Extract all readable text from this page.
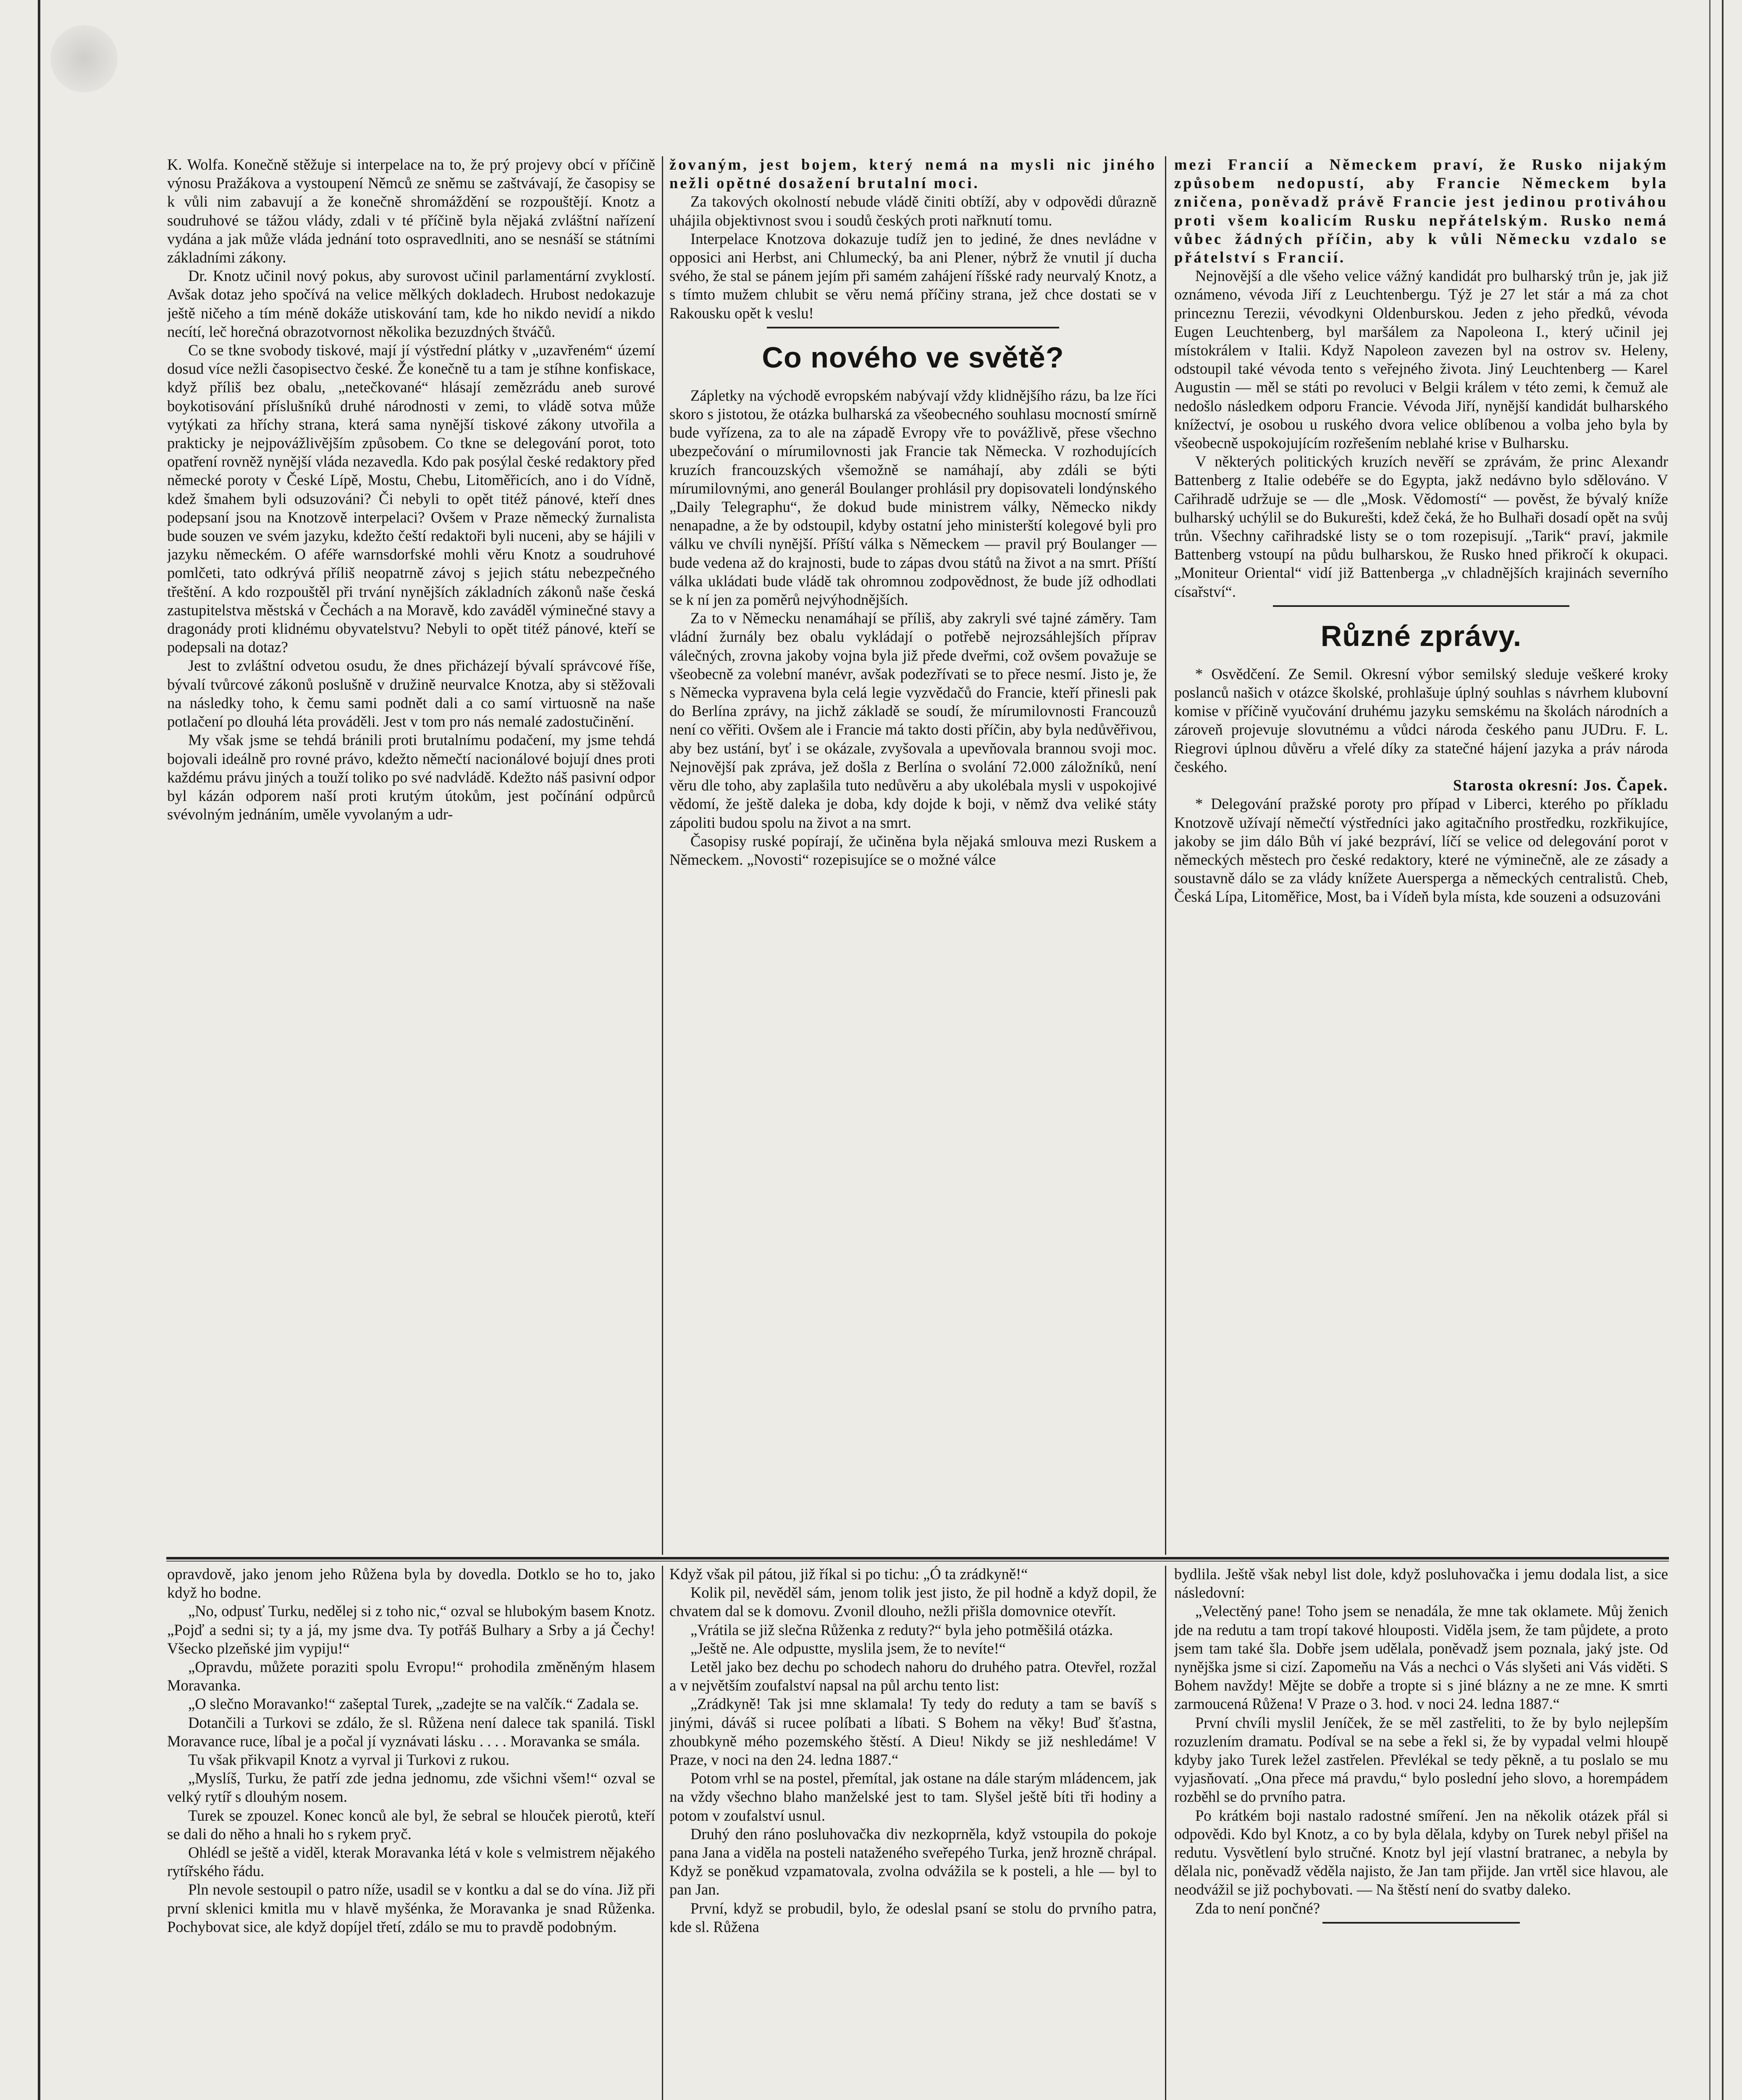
K. Wolfa. Konečně stěžuje si interpelace na to, že prý projevy obcí v příčině výnosu Pražákova a vystoupení Němců ze sněmu se zaštvávají, že časopisy se k vůli nim zabavují a že konečně shromáždění se rozpouštějí. Knotz a soudruhové se tážou vlády, zdali v té příčině byla nějaká zvláštní nařízení vydána a jak může vláda jednání toto ospravedlniti, ano se nesnáší se státními základními zákony.

Dr. Knotz učinil nový pokus, aby surovost učinil parlamentární zvyklostí. Avšak dotaz jeho spočívá na velice mělkých dokladech. Hrubost nedokazuje ještě ničeho a tím méně dokáže utiskování tam, kde ho nikdo nevidí a nikdo necítí, leč horečná obrazotvornost několika bezuzdných štváčů.

Co se tkne svobody tiskové, mají jí výstřední plátky v „uzavřeném“ území dosud více nežli časopisectvo české. Že konečně tu a tam je stíhne konfiskace, když příliš bez obalu, „netečkované“ hlásají zemězrádu aneb surové boykotisování příslušníků druhé národnosti v zemi, to vládě sotva může vytýkati za hříchy strana, která sama nynější tiskové zákony utvořila a prakticky je nejpovážlivějším způsobem. Co tkne se delegování porot, toto opatření rovněž nynější vláda nezavedla. Kdo pak posýlal české redaktory před německé poroty v České Lípě, Mostu, Chebu, Litoměřicích, ano i do Vídně, kdež šmahem byli odsuzováni? Či nebyli to opět titéž pánové, kteří dnes podepsaní jsou na Knotzově interpelaci? Ovšem v Praze německý žurnalista bude souzen ve svém jazyku, kdežto čeští redaktoři byli nuceni, aby se hájili v jazyku německém. O aféře warnsdorfské mohli věru Knotz a soudruhové pomlčeti, tato odkrývá příliš neopatrně závoj s jejich státu nebezpečného třeštění. A kdo rozpouštěl při trvání nynějších základních zákonů naše česká zastupitelstva městská v Čechách a na Moravě, kdo zaváděl výminečné stavy a dragonády proti klidnému obyvatelstvu? Nebyli to opět titéž pánové, kteří se podepsali na dotaz?

Jest to zvláštní odvetou osudu, že dnes přicházejí bývalí správcové říše, bývalí tvůrcové zákonů poslušně v družině neurvalce Knotza, aby si stěžovali na následky toho, k čemu sami podnět dali a co samí virtuosně na naše potlačení po dlouhá léta prováděli. Jest v tom pro nás nemalé zadostučinění.

My však jsme se tehdá bránili proti brutalnímu podačení, my jsme tehdá bojovali ideálně pro rovné právo, kdežto němečtí nacionálové bojují dnes proti každému právu jiných a touží toliko po své nadvládě. Kdežto náš pasivní odpor byl kázán odporem naší proti krutým útokům, jest počínání odpůrců svévolným jednáním, uměle vyvolaným a udr-

žovaným, jest bojem, který nemá na mysli nic jiného nežli opětné dosažení brutalní moci.

Za takových okolností nebude vládě činiti obtíží, aby v odpovědi důrazně uhájila objektivnost svou i soudů českých proti nařknutí tomu.

Interpelace Knotzova dokazuje tudíž jen to jediné, že dnes nevládne v opposici ani Herbst, ani Chlumecký, ba ani Plener, nýbrž že vnutil jí ducha svého, že stal se pánem jejím při samém zahájení říšské rady neurvalý Knotz, a s tímto mužem chlubit se věru nemá příčiny strana, jež chce dostati se v Rakousku opět k veslu!

Co nového ve světě?

Zápletky na východě evropském nabývají vždy klidnějšího rázu, ba lze říci skoro s jistotou, že otázka bulharská za všeobecného souhlasu mocností smírně bude vyřízena, za to ale na západě Evropy vře to povážlivě, přese všechno ubezpečování o mírumilovnosti jak Francie tak Německa. V rozhodujících kruzích francouzských všemožně se namáhají, aby zdáli se býti mírumilovnými, ano generál Boulanger prohlásil pry dopisovateli londýnského „Daily Telegraphu“, že dokud bude ministrem války, Německo nikdy nenapadne, a že by odstoupil, kdyby ostatní jeho ministerští kolegové byli pro válku ve chvíli nynější. Příští válka s Německem — pravil prý Boulanger — bude vedena až do krajnosti, bude to zápas dvou států na život a na smrt. Příští válka ukládati bude vládě tak ohromnou zodpovědnost, že bude jíž odhodlati se k ní jen za poměrů nejvýhodnějších.

Za to v Německu nenamáhají se příliš, aby zakryli své tajné záměry. Tam vládní žurnály bez obalu vykládají o potřebě nejrozsáhlejších příprav válečných, zrovna jakoby vojna byla již přede dveřmi, což ovšem považuje se všeobecně za volební manévr, avšak podezřívati se to přece nesmí. Jisto je, že s Německa vypravena byla celá legie vyzvědačů do Francie, kteří přinesli pak do Berlína zprávy, na jichž základě se soudí, že mírumilovnosti Francouzů není co věřiti. Ovšem ale i Francie má takto dosti příčin, aby byla nedůvěřivou, aby bez ustání, byť i se okázale, zvyšovala a upevňovala brannou svoji moc. Nejnovější pak zpráva, jež došla z Berlína o svolání 72.000 záložníků, není věru dle toho, aby zaplašila tuto nedůvěru a aby ukolébala mysli v uspokojivé vědomí, že ještě daleka je doba, kdy dojde k boji, v němž dva veliké státy zápoliti budou spolu na život a na smrt.

Časopisy ruské popírají, že učiněna byla nějaká smlouva mezi Ruskem a Německem. „Novosti“ rozepisujíce se o možné válce

mezi Francií a Německem praví, že Rusko nijakým způsobem nedopustí, aby Francie Německem byla zničena, poněvadž právě Francie jest jedinou protiváhou proti všem koalicím Rusku nepřátelským. Rusko nemá vůbec žádných příčin, aby k vůli Německu vzdalo se přátelství s Francií.

Nejnovější a dle všeho velice vážný kandidát pro bulharský trůn je, jak již oznámeno, vévoda Jiří z Leuchtenbergu. Týž je 27 let stár a má za chot princeznu Terezii, vévodkyni Oldenburskou. Jeden z jeho předků, vévoda Eugen Leuchtenberg, byl maršálem za Napoleona I., který učinil jej místokrálem v Italii. Když Napoleon zavezen byl na ostrov sv. Heleny, odstoupil také vévoda tento s veřejného života. Jiný Leuchtenberg — Karel Augustin — měl se státi po revoluci v Belgii králem v této zemi, k čemuž ale nedošlo následkem odporu Francie. Vévoda Jiří, nynější kandidát bulharského knížectví, je osobou u ruského dvora velice oblíbenou a volba jeho byla by všeobecně uspokojujícím rozřešením neblahé krise v Bulharsku.

V některých politických kruzích nevěří se zprávám, že princ Alexandr Battenberg z Italie odebéře se do Egypta, jakž nedávno bylo sdělováno. V Cařihradě udržuje se — dle „Mosk. Vědomostí“ — pověst, že bývalý kníže bulharský uchýlil se do Bukurešti, kdež čeká, že ho Bulhaři dosadí opět na svůj trůn. Všechny cařihradské listy se o tom rozepisují. „Tarik“ praví, jakmile Battenberg vstoupí na půdu bulharskou, že Rusko hned přikročí k okupaci. „Moniteur Oriental“ vidí již Battenberga „v chladnějších krajinách severního císařství“.

Různé zprávy.

* Osvědčení. Ze Semil. Okresní výbor semilský sleduje veškeré kroky poslanců našich v otázce školské, prohlašuje úplný souhlas s návrhem klubovní komise v příčině vyučování druhému jazyku semskému na školách národních a zároveň projevuje slovutnému a vůdci národa českého panu JUDru. F. L. Riegrovi úplnou důvěru a vřelé díky za statečné hájení jazyka a práv národa českého.

Starosta okresní: Jos. Čapek.

* Delegování pražské poroty pro případ v Liberci, kterého po příkladu Knotzově užívají němečtí výstředníci jako agitačního prostředku, rozkřikujíce, jakoby se jim dálo Bůh ví jaké bezpráví, líčí se velice od delegování porot v německých městech pro české redaktory, které ne výminečně, ale ze zásady a soustavně dálo se za vlády knížete Auersperga a německých centralistů. Cheb, Česká Lípa, Litoměřice, Most, ba i Vídeň byla místa, kde souzeni a odsuzováni

opravdově, jako jenom jeho Růžena byla by dovedla. Dotklo se ho to, jako když ho bodne.

„No, odpusť Turku, nedělej si z toho nic,“ ozval se hlubokým basem Knotz. „Pojď a sedni si; ty a já, my jsme dva. Ty potřáš Bulhary a Srby a já Čechy! Všecko plzeňské jim vypiju!“

„Opravdu, můžete poraziti spolu Evropu!“ prohodila změněným hlasem Moravanka.

„O slečno Moravanko!“ zašeptal Turek, „zadejte se na valčík.“ Zadala se.

Dotančili a Turkovi se zdálo, že sl. Růžena není dalece tak spanilá. Tiskl Moravance ruce, líbal je a počal jí vyznávati lásku . . . . Moravanka se smála.

Tu však přikvapil Knotz a vyrval ji Turkovi z rukou.

„Myslíš, Turku, že patří zde jedna jednomu, zde všichni všem!“ ozval se velký rytíř s dlouhým nosem.

Turek se zpouzel. Konec konců ale byl, že sebral se hlouček pierotů, kteří se dali do něho a hnali ho s rykem pryč.

Ohlédl se ještě a viděl, kterak Moravanka létá v kole s velmistrem nějakého rytířského řádu.

Pln nevole sestoupil o patro níže, usadil se v kontku a dal se do vína. Již při první sklenici kmitla mu v hlavě myšénka, že Moravanka je snad Růženka. Pochybovat sice, ale když dopíjel třetí, zdálo se mu to pravdě podobným.

Když však pil pátou, již říkal si po tichu: „Ó ta zrádkyně!“

Kolik pil, nevěděl sám, jenom tolik jest jisto, že pil hodně a když dopil, že chvatem dal se k domovu. Zvonil dlouho, nežli přišla domovnice otevřít.

„Vrátila se již slečna Růženka z reduty?“ byla jeho potměšilá otázka.

„Ještě ne. Ale odpustte, myslila jsem, že to nevíte!“

Letěl jako bez dechu po schodech nahoru do druhého patra. Otevřel, rozžal a v největším zoufalství napsal na půl archu tento list:

„Zrádkyně! Tak jsi mne sklamala! Ty tedy do reduty a tam se bavíš s jinými, dáváš si rucee políbati a líbati. S Bohem na věky! Buď šťastna, zhoubkyně mého pozemského štěstí. A Dieu! Nikdy se již neshledáme! V Praze, v noci na den 24. ledna 1887.“

Potom vrhl se na postel, přemítal, jak ostane na dále starým mládencem, jak na vždy všechno blaho manželské jest to tam. Slyšel ještě bíti tři hodiny a potom v zoufalství usnul.

Druhý den ráno posluhovačka div nezkoprněla, když vstoupila do pokoje pana Jana a viděla na posteli nataženého sveřepého Turka, jenž hrozně chrápal. Když se poněkud vzpamatovala, zvolna odvážila se k posteli, a hle — byl to pan Jan.

První, když se probudil, bylo, že odeslal psaní se stolu do prvního patra, kde sl. Růžena

bydlila. Ještě však nebyl list dole, když posluhovačka i jemu dodala list, a sice následovní:

„Velectěný pane! Toho jsem se nenadála, že mne tak oklamete. Můj ženich jde na redutu a tam tropí takové hlouposti. Viděla jsem, že tam půjdete, a proto jsem tam také šla. Dobře jsem udělala, poněvadž jsem poznala, jaký jste. Od nynějška jsme si cizí. Zapomeňu na Vás a nechci o Vás slyšeti ani Vás viděti. S Bohem navždy! Mějte se dobře a tropte si s jiné blázny a ne ze mne. K smrti zarmoucená Růžena! V Praze o 3. hod. v noci 24. ledna 1887.“

První chvíli myslil Jeníček, že se měl zastřeliti, to že by bylo nejlepším rozuzlením dramatu. Podíval se na sebe a řekl si, že by vypadal velmi hloupě kdyby jako Turek ležel zastřelen. Převlékal se tedy pěkně, a tu poslalo se mu vyjasňovatí. „Ona přece má pravdu,“ bylo poslední jeho slovo, a horempádem rozběhl se do prvního patra.

Po krátkém boji nastalo radostné smíření. Jen na několik otázek přál si odpovědi. Kdo byl Knotz, a co by byla dělala, kdyby on Turek nebyl přišel na redutu. Vysvětlení bylo stručné. Knotz byl její vlastní bratranec, a nebyla by dělala nic, poněvadž věděla najisto, že Jan tam přijde. Jan vrtěl sice hlavou, ale neodvážil se již pochybovati. — Na štěstí není do svatby daleko.

Zda to není pončné?
